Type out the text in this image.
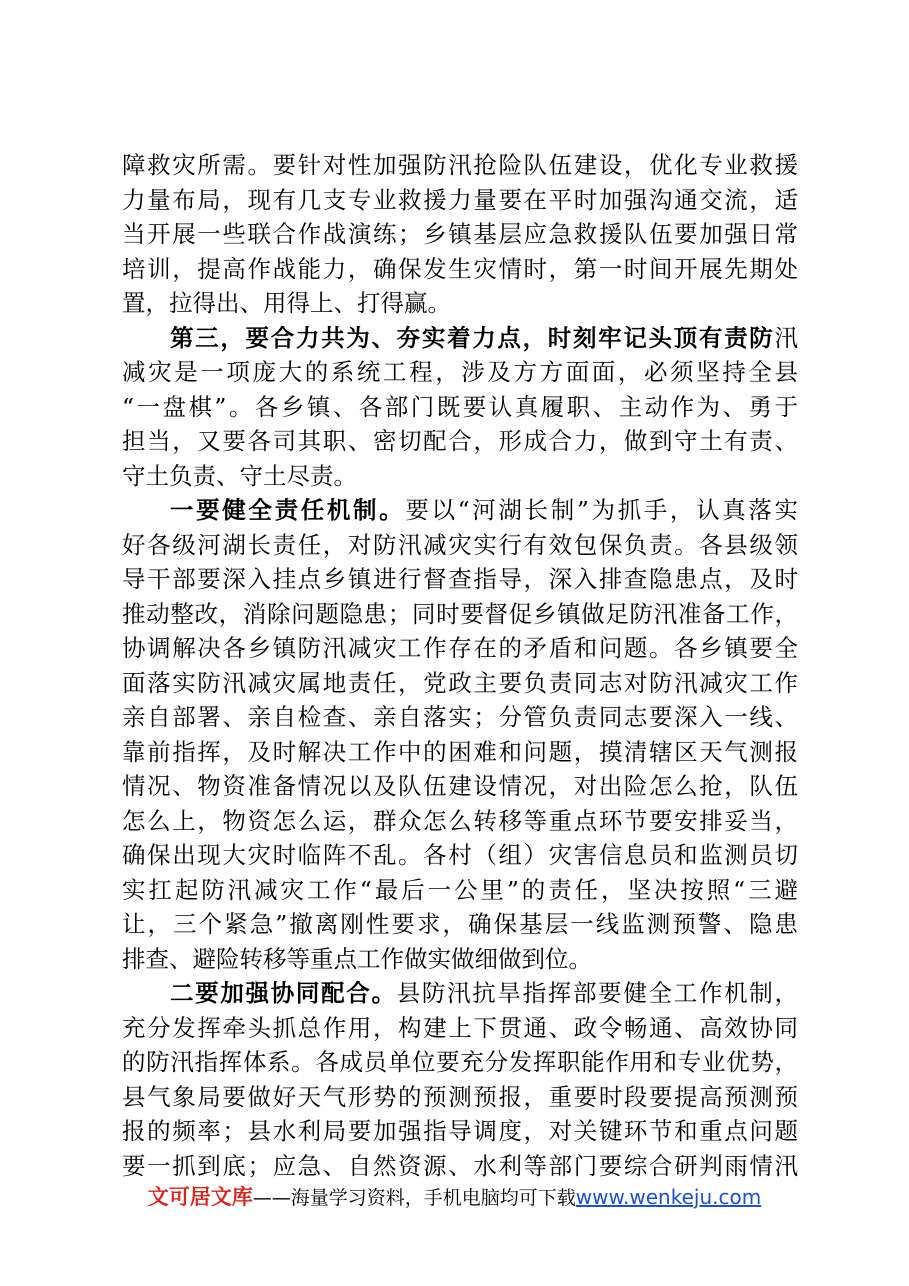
障救灾所需。要针对性加强防汛抢险队伍建设，优化专业救援
力量布局，现有几支专业救援力量要在平时加强沟通交流，适
当开展一些联合作战演练；乡镇基层应急救援队伍要加强日常
培训，提高作战能力，确保发生灾情时，第一时间开展先期处
置，拉得出、用得上、打得赢。
第三，要合力共为、夯实着力点，时刻牢记头顶有责防汛
减灾是一项庞大的系统工程，涉及方方面面，必须坚持全县
“一盘棋”。各乡镇、各部门既要认真履职、主动作为、勇于
担当，又要各司其职、密切配合，形成合力，做到守土有责、
守土负责、守土尽责。
一要健全责任机制。要以“河湖长制”为抓手，认真落实
好各级河湖长责任，对防汛减灾实行有效包保负责。各县级领
导干部要深入挂点乡镇进行督查指导，深入排查隐患点，及时
推动整改，消除问题隐患；同时要督促乡镇做足防汛准备工作，
协调解决各乡镇防汛减灾工作存在的矛盾和问题。各乡镇要全
面落实防汛减灾属地责任，党政主要负责同志对防汛减灾工作
亲自部署、亲自检查、亲自落实；分管负责同志要深入一线、
靠前指挥，及时解决工作中的困难和问题，摸清辖区天气测报
情况、物资准备情况以及队伍建设情况，对出险怎么抢，队伍
怎么上，物资怎么运，群众怎么转移等重点环节要安排妥当，
确保出现大灾时临阵不乱。各村（组）灾害信息员和监测员切
实扛起防汛减灾工作“最后一公里”的责任，坚决按照“三避
让，三个紧急”撤离刚性要求，确保基层一线监测预警、隐患
排查、避险转移等重点工作做实做细做到位。
二要加强协同配合。县防汛抗旱指挥部要健全工作机制，
充分发挥牵头抓总作用，构建上下贯通、政令畅通、高效协同
的防汛指挥体系。各成员单位要充分发挥职能作用和专业优势，
县气象局要做好天气形势的预测预报，重要时段要提高预测预
报的频率；县水利局要加强指导调度，对关键环节和重点问题
要一抓到底；应急、自然资源、水利等部门要综合研判雨情汛
文可居文库——海量学习资料，手机电脑均可下载www.wenkeju.com
